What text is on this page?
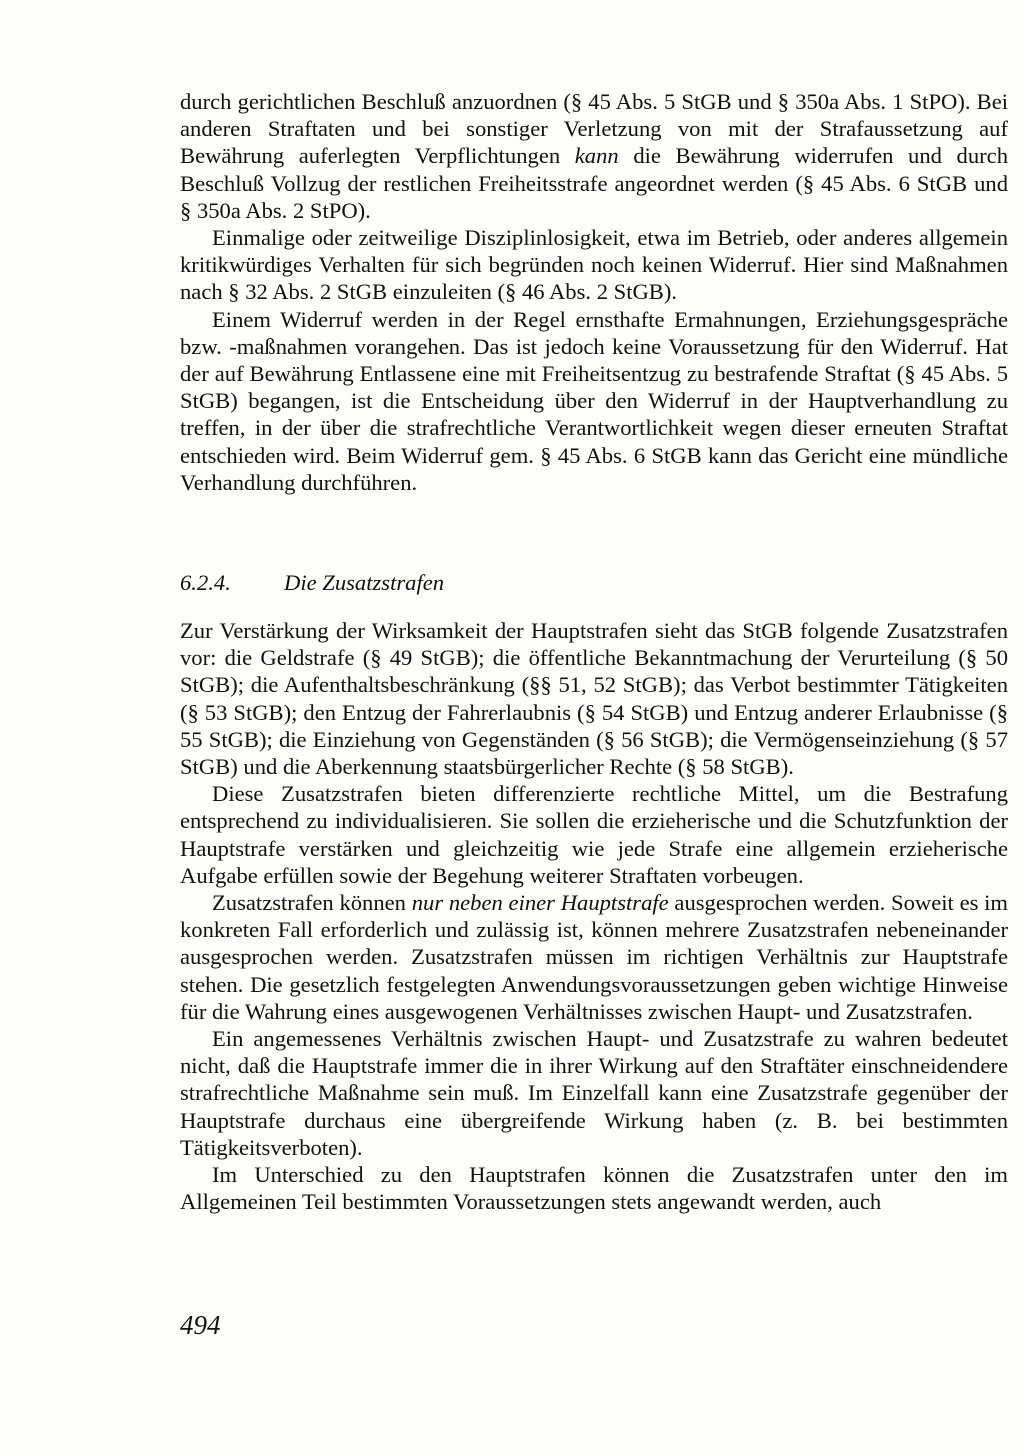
durch gerichtlichen Beschluß anzuordnen (§ 45 Abs. 5 StGB und § 350a Abs. 1 StPO). Bei anderen Straftaten und bei sonstiger Verletzung von mit der Strafaussetzung auf Bewährung auferlegten Verpflichtungen kann die Bewährung widerrufen und durch Beschluß Vollzug der restlichen Freiheitsstrafe angeordnet werden (§ 45 Abs. 6 StGB und § 350a Abs. 2 StPO).

Einmalige oder zeitweilige Disziplinlosigkeit, etwa im Betrieb, oder anderes allgemein kritikwürdiges Verhalten für sich begründen noch keinen Widerruf. Hier sind Maßnahmen nach § 32 Abs. 2 StGB einzuleiten (§ 46 Abs. 2 StGB).

Einem Widerruf werden in der Regel ernsthafte Ermahnungen, Erziehungsgespräche bzw. -maßnahmen vorangehen. Das ist jedoch keine Voraussetzung für den Widerruf. Hat der auf Bewährung Entlassene eine mit Freiheitsentzug zu bestrafende Straftat (§ 45 Abs. 5 StGB) begangen, ist die Entscheidung über den Widerruf in der Hauptverhandlung zu treffen, in der über die strafrechtliche Verantwortlichkeit wegen dieser erneuten Straftat entschieden wird. Beim Widerruf gem. § 45 Abs. 6 StGB kann das Gericht eine mündliche Verhandlung durchführen.

6.2.4. Die Zusatzstrafen

Zur Verstärkung der Wirksamkeit der Hauptstrafen sieht das StGB folgende Zusatzstrafen vor: die Geldstrafe (§ 49 StGB); die öffentliche Bekanntmachung der Verurteilung (§ 50 StGB); die Aufenthaltsbeschränkung (§§ 51, 52 StGB); das Verbot bestimmter Tätigkeiten (§ 53 StGB); den Entzug der Fahrerlaubnis (§ 54 StGB) und Entzug anderer Erlaubnisse (§ 55 StGB); die Einziehung von Gegenständen (§ 56 StGB); die Vermögenseinziehung (§ 57 StGB) und die Aberkennung staatsbürgerlicher Rechte (§ 58 StGB).

Diese Zusatzstrafen bieten differenzierte rechtliche Mittel, um die Bestrafung entsprechend zu individualisieren. Sie sollen die erzieherische und die Schutzfunktion der Hauptstrafe verstärken und gleichzeitig wie jede Strafe eine allgemein erzieherische Aufgabe erfüllen sowie der Begehung weiterer Straftaten vorbeugen.

Zusatzstrafen können nur neben einer Hauptstrafe ausgesprochen werden. Soweit es im konkreten Fall erforderlich und zulässig ist, können mehrere Zusatzstrafen nebeneinander ausgesprochen werden. Zusatzstrafen müssen im richtigen Verhältnis zur Hauptstrafe stehen. Die gesetzlich festgelegten Anwendungsvoraussetzungen geben wichtige Hinweise für die Wahrung eines ausgewogenen Verhältnisses zwischen Haupt- und Zusatzstrafen.

Ein angemessenes Verhältnis zwischen Haupt- und Zusatzstrafe zu wahren bedeutet nicht, daß die Hauptstrafe immer die in ihrer Wirkung auf den Straftäter einschneidendere strafrechtliche Maßnahme sein muß. Im Einzelfall kann eine Zusatzstrafe gegenüber der Hauptstrafe durchaus eine übergreifende Wirkung haben (z. B. bei bestimmten Tätigkeitsverboten).

Im Unterschied zu den Hauptstrafen können die Zusatzstrafen unter den im Allgemeinen Teil bestimmten Voraussetzungen stets angewandt werden, auch

494
